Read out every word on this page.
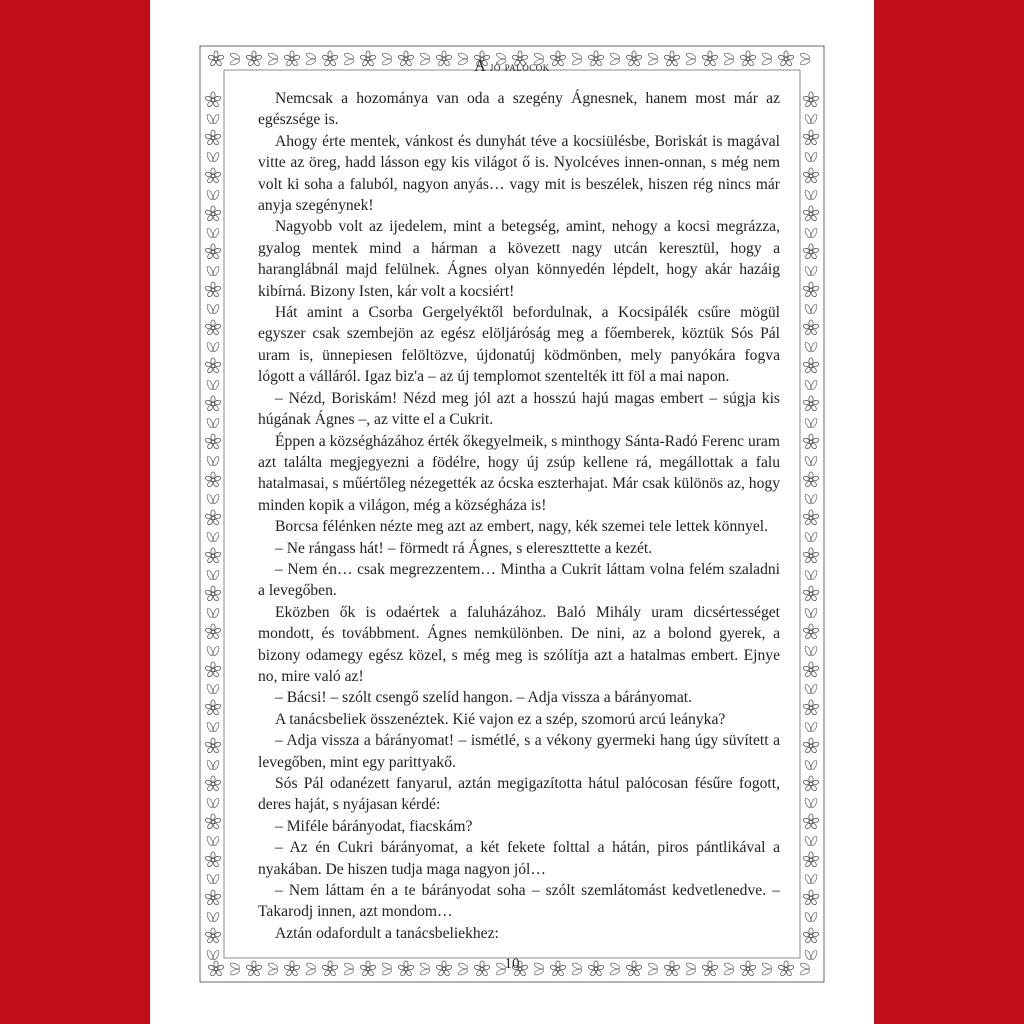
A jó palócok

Nemcsak a hozománya van oda a szegény Ágnesnek, hanem most már az egészsége is.

Ahogy érte mentek, vánkost és dunyhát téve a kocsiülésbe, Boriskát is magával vitte az öreg, hadd lásson egy kis világot ő is. Nyolcéves innen-onnan, s még nem volt ki soha a faluból, nagyon anyás… vagy mit is beszélek, hiszen rég nincs már anyja szegénynek!

Nagyobb volt az ijedelem, mint a betegség, amint, nehogy a kocsi megrázza, gyalog mentek mind a hárman a kövezett nagy utcán keresztül, hogy a haranglábnál majd felülnek. Ágnes olyan könnyedén lépdelt, hogy akár hazáig kibírná. Bizony Isten, kár volt a kocsiért!

Hát amint a Csorba Gergelyéktől befordulnak, a Kocsipálék csűre mögül egyszer csak szembejön az egész elöljáróság meg a főemberek, köztük Sós Pál uram is, ünnepiesen felöltözve, újdonatúj ködmönben, mely panyókára fogva lógott a válláról. Igaz biz'a – az új templomot szentelték itt föl a mai napon.

– Nézd, Boriskám! Nézd meg jól azt a hosszú hajú magas embert – súgja kis húgának Ágnes –, az vitte el a Cukrit.

Éppen a községházához érték őkegyelmeik, s minthogy Sánta-Radó Ferenc uram azt találta megjegyezni a födélre, hogy új zsúp kellene rá, megállottak a falu hatalmasai, s műértőleg nézegették az ócska eszterhajat. Már csak különös az, hogy minden kopik a világon, még a községháza is!

Borcsa félénken nézte meg azt az embert, nagy, kék szemei tele lettek könnyel.

– Ne rángass hát! – förmedt rá Ágnes, s elereszttette a kezét.

– Nem én… csak megrezzentem… Mintha a Cukrit láttam volna felém szaladni a levegőben.

Eközben ők is odaértek a faluházához. Baló Mihály uram dicsértességet mondott, és továbbment. Ágnes nemkülönben. De nini, az a bolond gyerek, a bizony odamegy egész közel, s még meg is szólítja azt a hatalmas embert. Ejnye no, mire való az!

– Bácsi! – szólt csengő szelíd hangon. – Adja vissza a bárányomat.

A tanácsbeliek összenéztek. Kié vajon ez a szép, szomorú arcú leányka?

– Adja vissza a bárányomat! – ismétlé, s a vékony gyermeki hang úgy süvített a levegőben, mint egy parittyakő.

Sós Pál odanézett fanyarul, aztán megigazította hátul palócosan fésűre fogott, deres haját, s nyájasan kérdé:

– Miféle bárányodat, fiacskám?

– Az én Cukri bárányomat, a két fekete folttal a hátán, piros pántlikával a nyakában. De hiszen tudja maga nagyon jól…

– Nem láttam én a te bárányodat soha – szólt szemlátomást kedvetlenedve. – Takarodj innen, azt mondom…

Aztán odafordult a tanácsbeliekhez:

10
